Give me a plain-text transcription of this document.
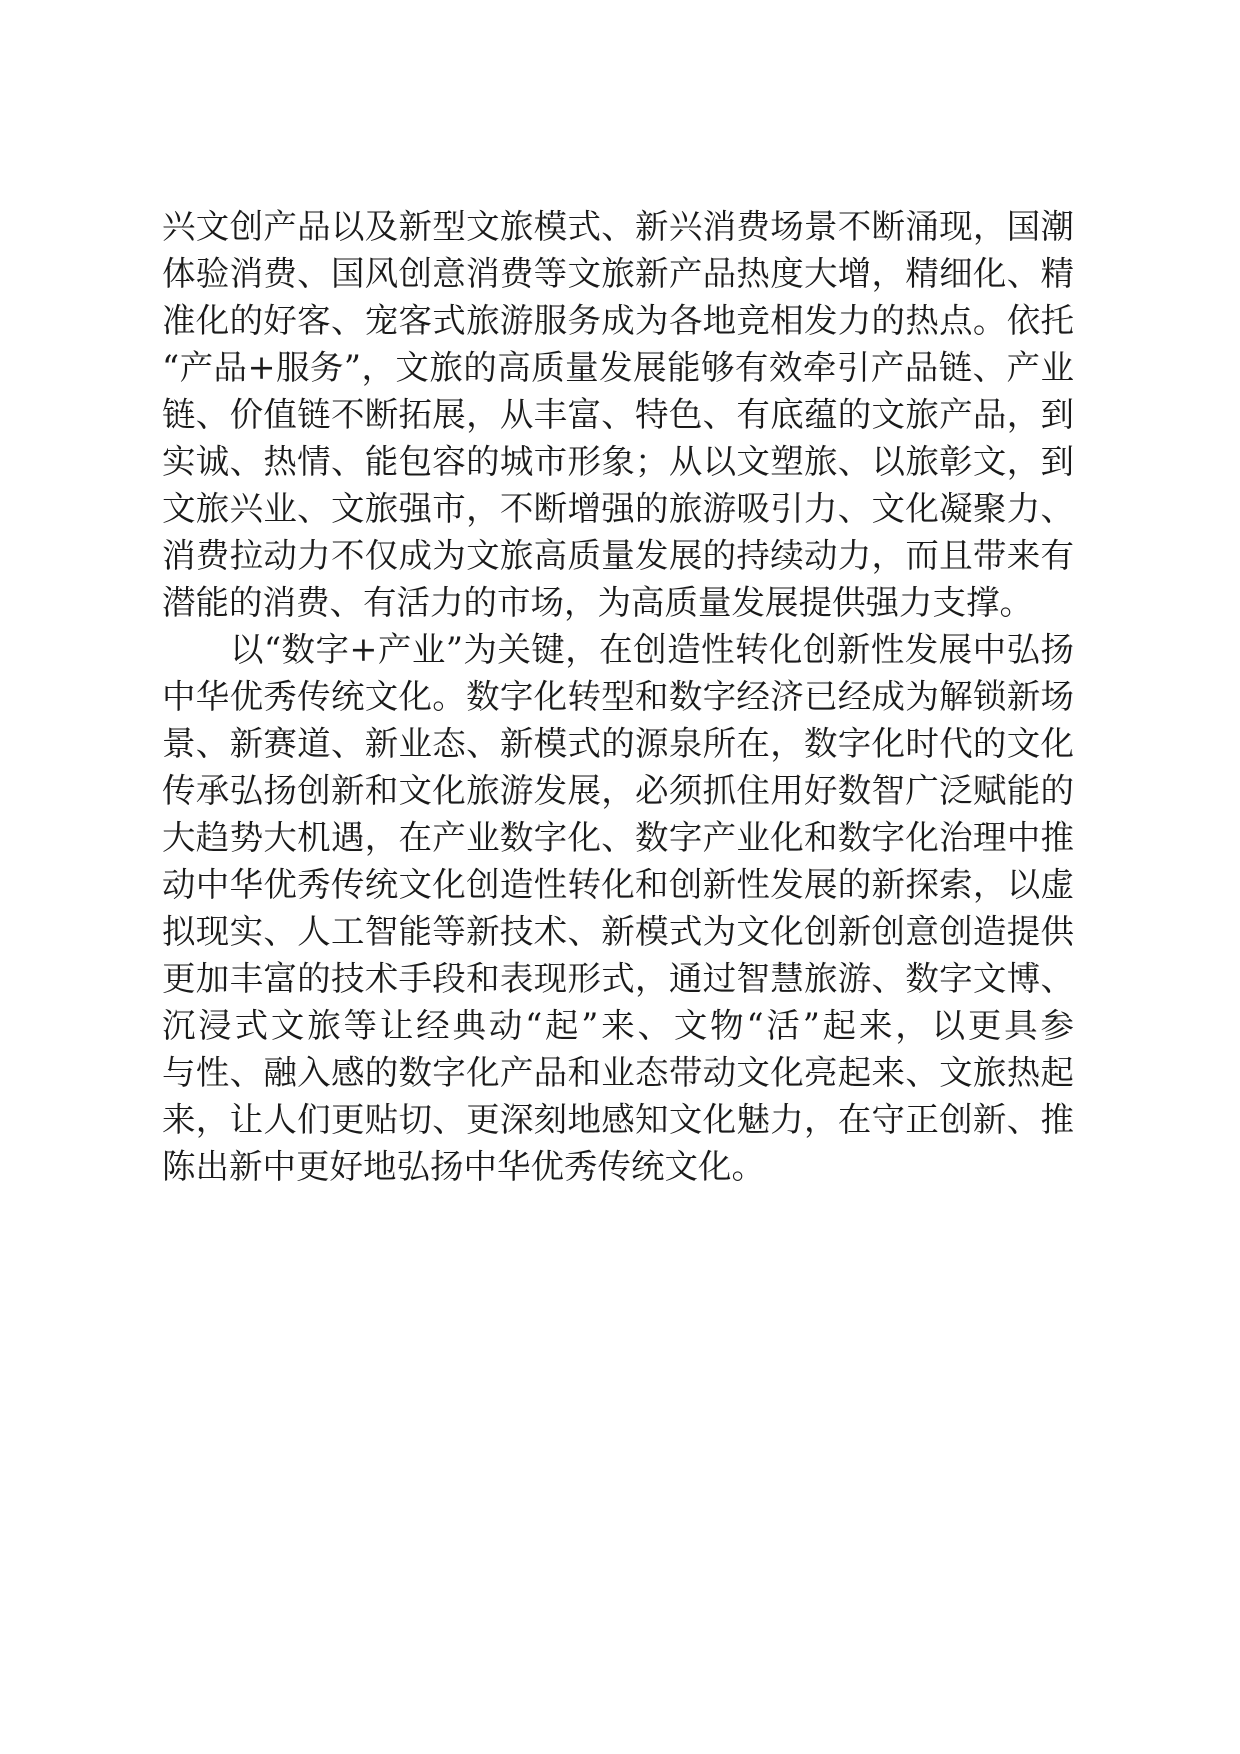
兴文创产品以及新型文旅模式、新兴消费场景不断涌现，国潮
体验消费、国风创意消费等文旅新产品热度大增，精细化、精
准化的好客、宠客式旅游服务成为各地竞相发力的热点。依托
“产品+服务”，文旅的高质量发展能够有效牵引产品链、产业
链、价值链不断拓展，从丰富、特色、有底蕴的文旅产品，到
实诚、热情、能包容的城市形象；从以文塑旅、以旅彰文，到
文旅兴业、文旅强市，不断增强的旅游吸引力、文化凝聚力、
消费拉动力不仅成为文旅高质量发展的持续动力，而且带来有
潜能的消费、有活力的市场，为高质量发展提供强力支撑。
以“数字+产业”为关键，在创造性转化创新性发展中弘扬
中华优秀传统文化。数字化转型和数字经济已经成为解锁新场
景、新赛道、新业态、新模式的源泉所在，数字化时代的文化
传承弘扬创新和文化旅游发展，必须抓住用好数智广泛赋能的
大趋势大机遇，在产业数字化、数字产业化和数字化治理中推
动中华优秀传统文化创造性转化和创新性发展的新探索，以虚
拟现实、人工智能等新技术、新模式为文化创新创意创造提供
更加丰富的技术手段和表现形式，通过智慧旅游、数字文博、
沉浸式文旅等让经典动“起”来、文物“活”起来，以更具参
与性、融入感的数字化产品和业态带动文化亮起来、文旅热起
来，让人们更贴切、更深刻地感知文化魅力，在守正创新、推
陈出新中更好地弘扬中华优秀传统文化。
